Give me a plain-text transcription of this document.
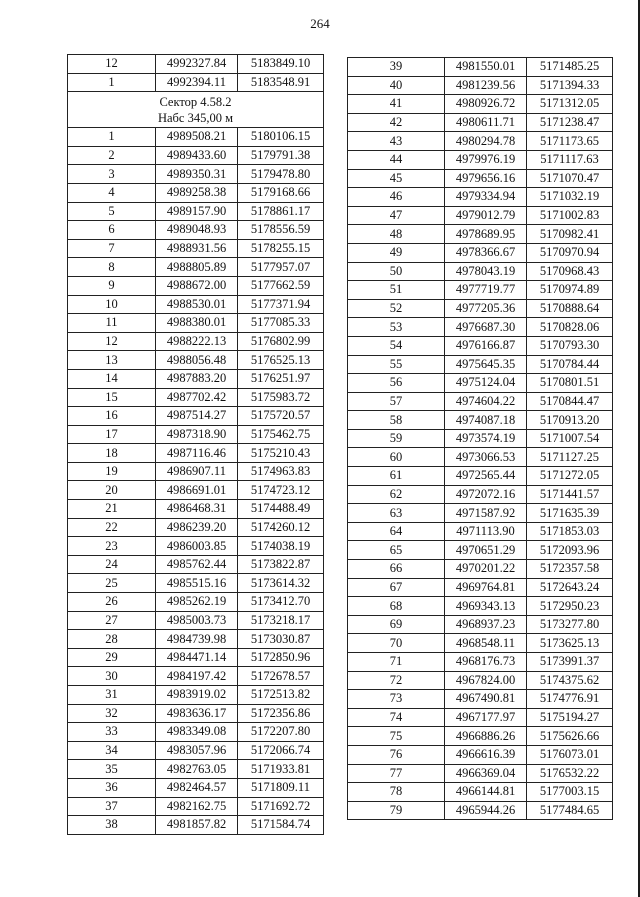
264
12	4992327.84	5183849.10
1	4992394.11	5183548.91

Сектор 4.58.2
Набс 345,00 м		

1	4989508.21	5180106.15
2	4989433.60	5179791.38
3	4989350.31	5179478.80
4	4989258.38	5179168.66
5	4989157.90	5178861.17
6	4989048.93	5178556.59
7	4988931.56	5178255.15
8	4988805.89	5177957.07
9	4988672.00	5177662.59
10	4988530.01	5177371.94
11	4988380.01	5177085.33
12	4988222.13	5176802.99
13	4988056.48	5176525.13
14	4987883.20	5176251.97
15	4987702.42	5175983.72
16	4987514.27	5175720.57
17	4987318.90	5175462.75
18	4987116.46	5175210.43
19	4986907.11	5174963.83
20	4986691.01	5174723.12
21	4986468.31	5174488.49
22	4986239.20	5174260.12
23	4986003.85	5174038.19
24	4985762.44	5173822.87
25	4985515.16	5173614.32
26	4985262.19	5173412.70
27	4985003.73	5173218.17
28	4984739.98	5173030.87
29	4984471.14	5172850.96
30	4984197.42	5172678.57
31	4983919.02	5172513.82
32	4983636.17	5172356.86
33	4983349.08	5172207.80
34	4983057.96	5172066.74
35	4982763.05	5171933.81
36	4982464.57	5171809.11
37	4982162.75	5171692.72
38	4981857.82	5171584.74
39	4981550.01	5171485.25
40	4981239.56	5171394.33
41	4980926.72	5171312.05
42	4980611.71	5171238.47
43	4980294.78	5171173.65
44	4979976.19	5171117.63
45	4979656.16	5171070.47
46	4979334.94	5171032.19
47	4979012.79	5171002.83
48	4978689.95	5170982.41
49	4978366.67	5170970.94
50	4978043.19	5170968.43
51	4977719.77	5170974.89
52	4977205.36	5170888.64
53	4976687.30	5170828.06
54	4976166.87	5170793.30
55	4975645.35	5170784.44
56	4975124.04	5170801.51
57	4974604.22	5170844.47
58	4974087.18	5170913.20
59	4973574.19	5171007.54
60	4973066.53	5171127.25
61	4972565.44	5171272.05
62	4972072.16	5171441.57
63	4971587.92	5171635.39
64	4971113.90	5171853.03
65	4970651.29	5172093.96
66	4970201.22	5172357.58
67	4969764.81	5172643.24
68	4969343.13	5172950.23
69	4968937.23	5173277.80
70	4968548.11	5173625.13
71	4968176.73	5173991.37
72	4967824.00	5174375.62
73	4967490.81	5174776.91
74	4967177.97	5175194.27
75	4966886.26	5175626.66
76	4966616.39	5176073.01
77	4966369.04	5176532.22
78	4966144.81	5177003.15
79	4965944.26	5177484.65
